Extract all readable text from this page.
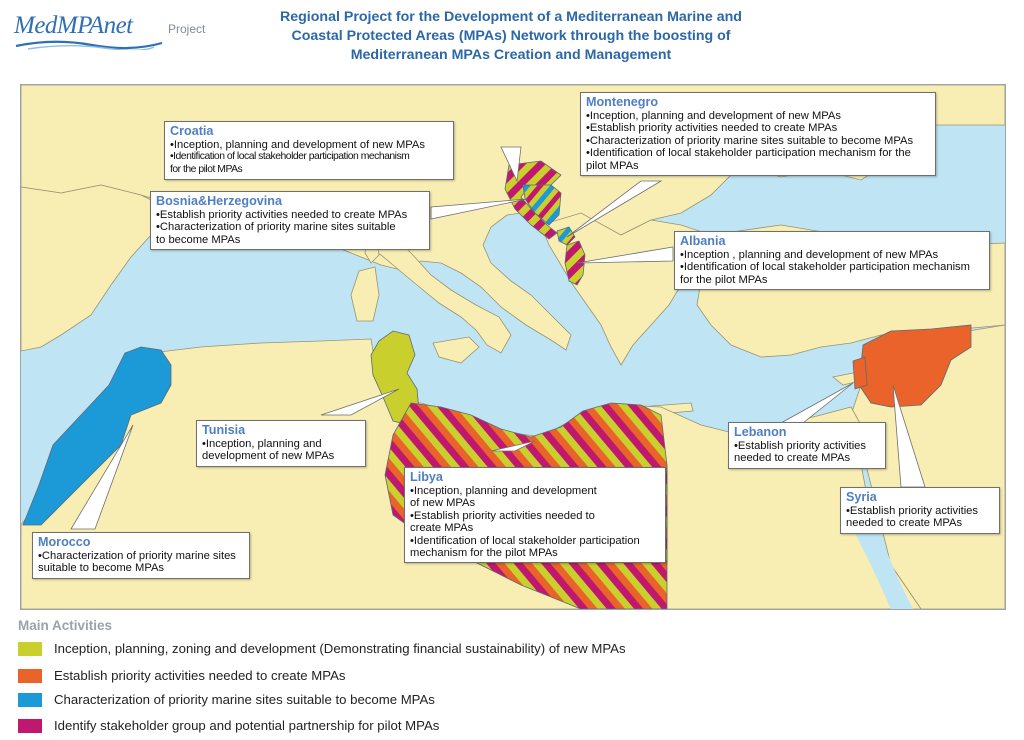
MedMPAnet	Project
Regional Project for the Development of a Mediterranean Marine and
Coastal Protected Areas (MPAs) Network through the boosting of
Mediterranean MPAs Creation and Management
Croatia
•Inception, planning and development of new MPAs
•Identification of local stakeholder participation mechanism
for the pilot MPAs
Bosnia&Herzegovina
•Establish priority activities needed to create MPAs
•Characterization of priority marine sites suitable
to become MPAs
Montenegro
•Inception, planning and development of new MPAs
•Establish priority activities needed to create MPAs
•Characterization of priority marine sites suitable to become MPAs
•Identification of local stakeholder participation mechanism for the
pilot MPAs
Albania
•Inception , planning and development of new MPAs
•Identification of local stakeholder participation mechanism
for the pilot MPAs
Tunisia
•Inception, planning and
development of new MPAs
Libya
•Inception, planning and development
of new MPAs
•Establish priority activities needed to
create MPAs
•Identification of local stakeholder participation
mechanism for the pilot MPAs
Lebanon
•Establish priority activities
needed to create MPAs
Syria
•Establish priority activities
needed to create MPAs
Morocco
•Characterization of priority marine sites
suitable to become MPAs
Main Activities
Inception, planning, zoning and development (Demonstrating financial sustainability) of new MPAs
Establish priority activities needed to create MPAs
Characterization of priority marine sites suitable to become MPAs
Identify stakeholder group and potential partnership for pilot MPAs
